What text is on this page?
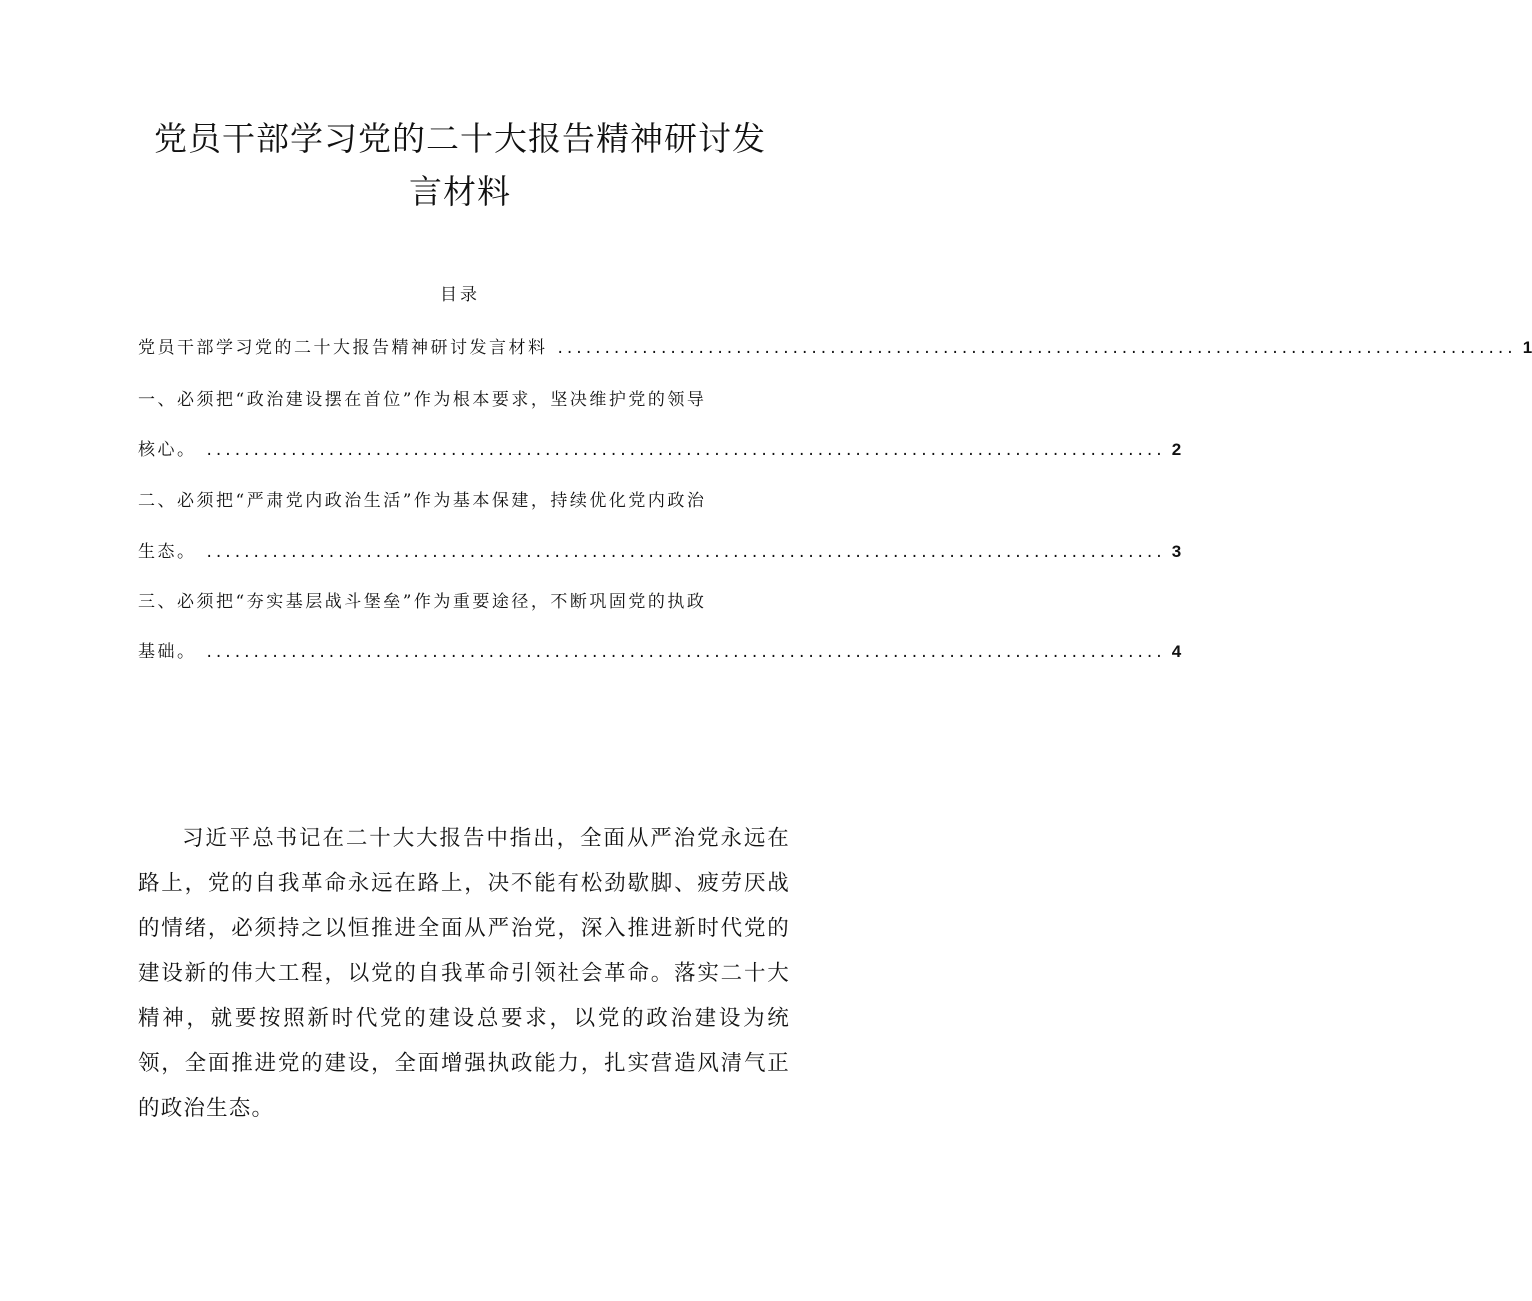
党员干部学习党的二十大报告精神研讨发
言材料
目录
党员干部学习党的二十大报告精神研讨发言材料 ...................................................................................................... 1
一、必须把“政治建设摆在首位”作为根本要求，坚决维护党的领导
核心。 ...................................................................................................... 2
二、必须把“严肃党内政治生活”作为基本保建，持续优化党内政治
生态。 ...................................................................................................... 3
三、必须把“夯实基层战斗堡垒”作为重要途径，不断巩固党的执政
基础。 ...................................................................................................... 4

习近平总书记在二十大大报告中指出，全面从严治党永远在路上，党的自我革命永远在路上，决不能有松劲歇脚、疲劳厌战的情绪，必须持之以恒推进全面从严治党，深入推进新时代党的建设新的伟大工程，以党的自我革命引领社会革命。落实二十大精神，就要按照新时代党的建设总要求，以党的政治建设为统领，全面推进党的建设，全面增强执政能力，扎实营造风清气正的政治生态。
